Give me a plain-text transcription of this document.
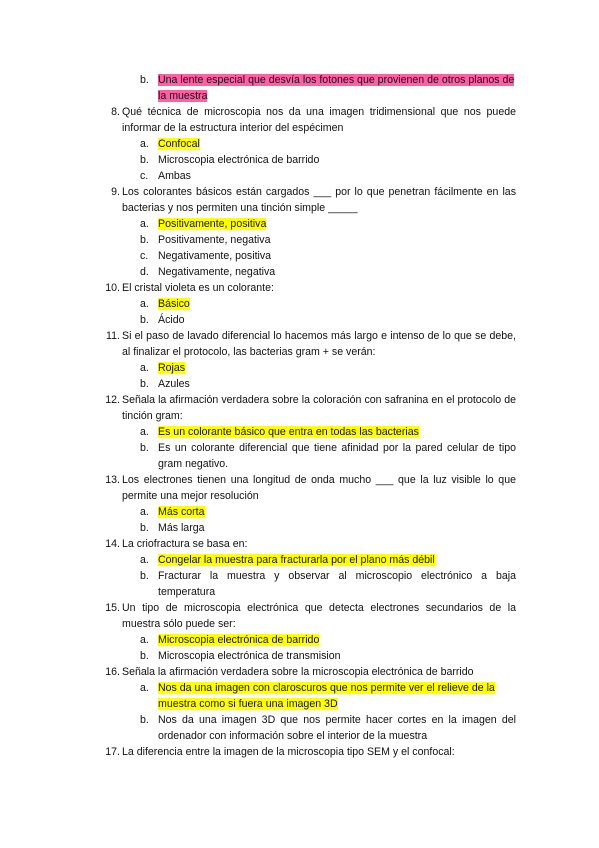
b. Una lente especial que desvía los fotones que provienen de otros planos de la muestra
8. Qué técnica de microscopia nos da una imagen tridimensional que nos puede informar de la estructura interior del espécimen
a. Confocal
b. Microscopia electrónica de barrido
c. Ambas
9. Los colorantes básicos están cargados ___ por lo que penetran fácilmente en las bacterias y nos permiten una tinción simple _____
a. Positivamente, positiva
b. Positivamente, negativa
c. Negativamente, positiva
d. Negativamente, negativa
10. El cristal violeta es un colorante:
a. Básico
b. Ácido
11. Si el paso de lavado diferencial lo hacemos más largo e intenso de lo que se debe, al finalizar el protocolo, las bacterias gram + se verán:
a. Rojas
b. Azules
12. Señala la afirmación verdadera sobre la coloración con safranina en el protocolo de tinción gram:
a. Es un colorante básico que entra en todas las bacterias
b. Es un colorante diferencial que tiene afinidad por la pared celular de tipo gram negativo.
13. Los electrones tienen una longitud de onda mucho ___ que la luz visible lo que permite una mejor resolución
a. Más corta
b. Más larga
14. La criofractura se basa en:
a. Congelar la muestra para fracturarla por el plano más débil
b. Fracturar la muestra y observar al microscopio electrónico a baja temperatura
15. Un tipo de microscopia electrónica que detecta electrones secundarios de la muestra sólo puede ser:
a. Microscopia electrónica de barrido
b. Microscopia electrónica de transmision
16. Señala la afirmación verdadera sobre la microscopia electrónica de barrido
a. Nos da una imagen con claroscuros que nos permite ver el relieve de la muestra como si fuera una imagen 3D
b. Nos da una imagen 3D que nos permite hacer cortes en la imagen del ordenador con información sobre el interior de la muestra
17. La diferencia entre la imagen de la microscopia tipo SEM y el confocal:
